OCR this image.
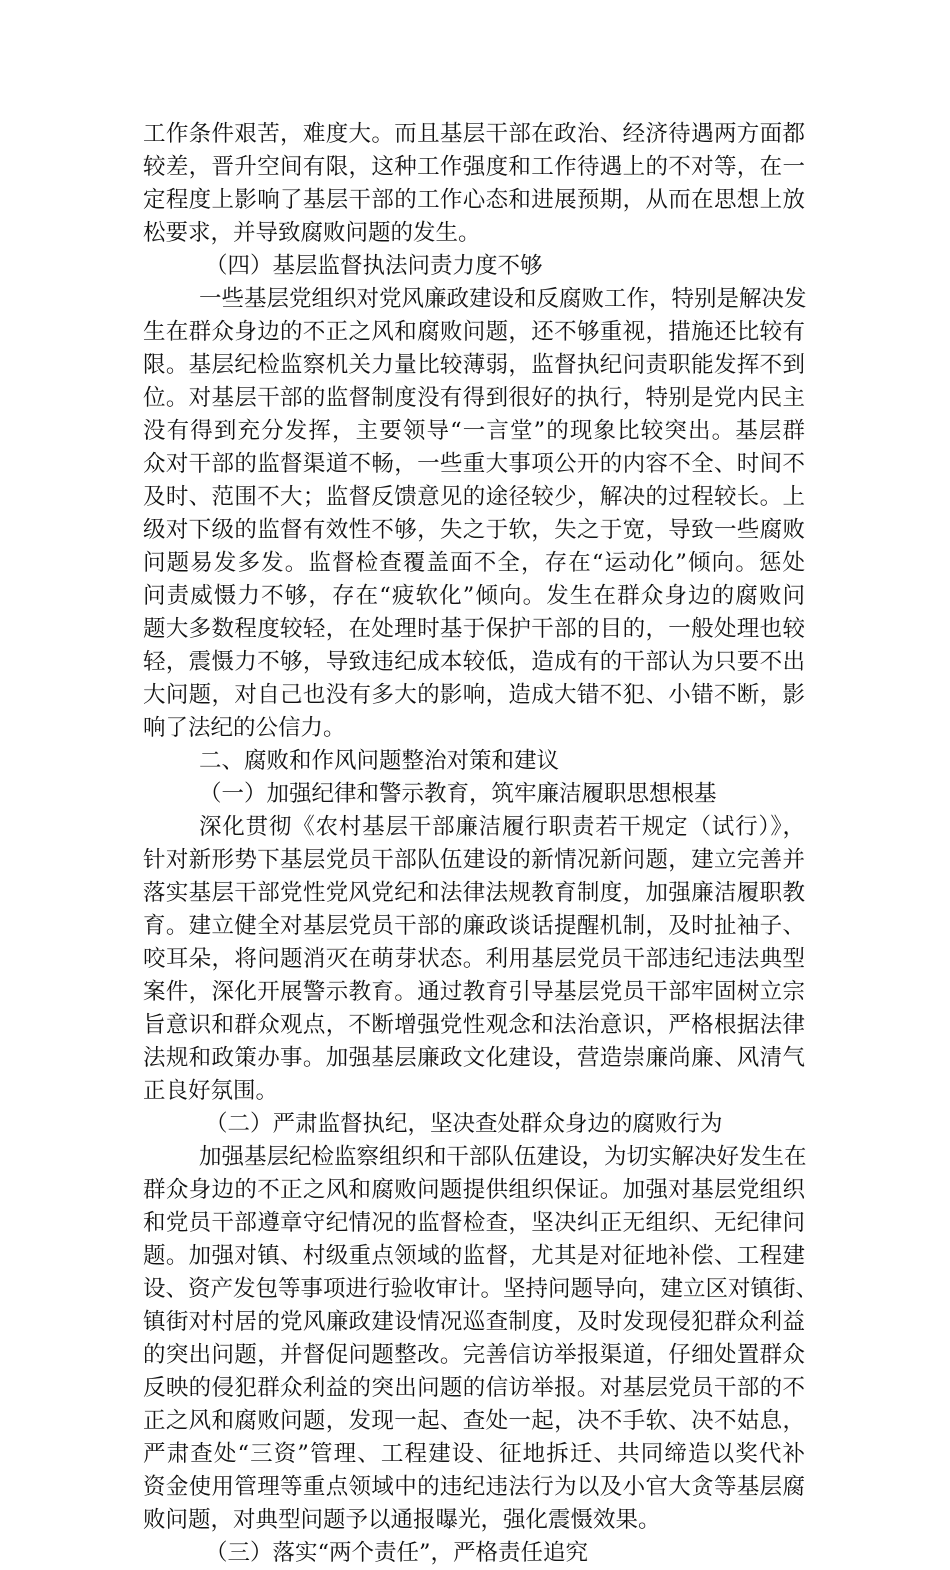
工作条件艰苦，难度大。而且基层干部在政治、经济待遇两方面都
较差，晋升空间有限，这种工作强度和工作待遇上的不对等，在一
定程度上影响了基层干部的工作心态和进展预期，从而在思想上放
松要求，并导致腐败问题的发生。
（四）基层监督执法问责力度不够
一些基层党组织对党风廉政建设和反腐败工作，特别是解决发
生在群众身边的不正之风和腐败问题，还不够重视，措施还比较有
限。基层纪检监察机关力量比较薄弱，监督执纪问责职能发挥不到
位。对基层干部的监督制度没有得到很好的执行，特别是党内民主
没有得到充分发挥，主要领导“一言堂”的现象比较突出。基层群
众对干部的监督渠道不畅，一些重大事项公开的内容不全、时间不
及时、范围不大；监督反馈意见的途径较少，解决的过程较长。上
级对下级的监督有效性不够，失之于软，失之于宽，导致一些腐败
问题易发多发。监督检查覆盖面不全，存在“运动化”倾向。惩处
问责威慑力不够，存在“疲软化”倾向。发生在群众身边的腐败问
题大多数程度较轻，在处理时基于保护干部的目的，一般处理也较
轻，震慑力不够，导致违纪成本较低，造成有的干部认为只要不出
大问题，对自己也没有多大的影响，造成大错不犯、小错不断，影
响了法纪的公信力。
二、腐败和作风问题整治对策和建议
（一）加强纪律和警示教育，筑牢廉洁履职思想根基
深化贯彻《农村基层干部廉洁履行职责若干规定（试行）》，
针对新形势下基层党员干部队伍建设的新情况新问题，建立完善并
落实基层干部党性党风党纪和法律法规教育制度，加强廉洁履职教
育。建立健全对基层党员干部的廉政谈话提醒机制，及时扯袖子、
咬耳朵，将问题消灭在萌芽状态。利用基层党员干部违纪违法典型
案件，深化开展警示教育。通过教育引导基层党员干部牢固树立宗
旨意识和群众观点，不断增强党性观念和法治意识，严格根据法律
法规和政策办事。加强基层廉政文化建设，营造崇廉尚廉、风清气
正良好氛围。
（二）严肃监督执纪，坚决查处群众身边的腐败行为
加强基层纪检监察组织和干部队伍建设，为切实解决好发生在
群众身边的不正之风和腐败问题提供组织保证。加强对基层党组织
和党员干部遵章守纪情况的监督检查，坚决纠正无组织、无纪律问
题。加强对镇、村级重点领域的监督，尤其是对征地补偿、工程建
设、资产发包等事项进行验收审计。坚持问题导向，建立区对镇街、
镇街对村居的党风廉政建设情况巡查制度，及时发现侵犯群众利益
的突出问题，并督促问题整改。完善信访举报渠道，仔细处置群众
反映的侵犯群众利益的突出问题的信访举报。对基层党员干部的不
正之风和腐败问题，发现一起、查处一起，决不手软、决不姑息，
严肃查处“三资”管理、工程建设、征地拆迁、共同缔造以奖代补
资金使用管理等重点领域中的违纪违法行为以及小官大贪等基层腐
败问题，对典型问题予以通报曝光，强化震慑效果。
（三）落实“两个责任”，严格责任追究
